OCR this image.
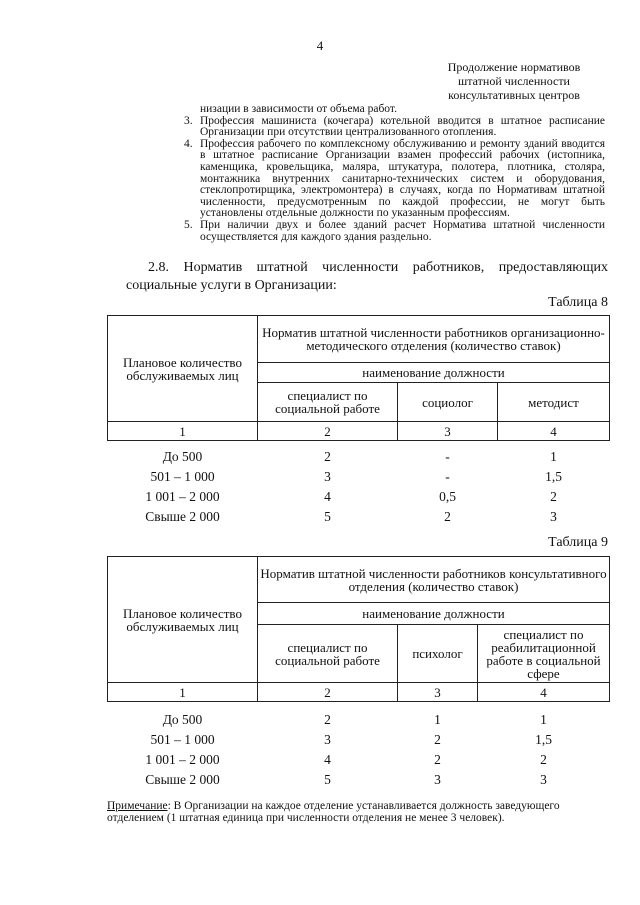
4
Продолжение нормативов
штатной численности
консультативных центров

низации в зависимости от объема работ.

3. Профессия машиниста (кочегара) котельной вводится в штатное расписание Организации при отсутствии централизованного отопления.

4. Профессия рабочего по комплексному обслуживанию и ремонту зданий вводится в штатное расписание Организации взамен профессий рабочих (истопника, каменщика, кровельщика, маляра, штукатура, полотера, плотника, столяра, монтажника внутренних санитарно-технических систем и оборудования, стеклопротирщика, электромонтера) в случаях, когда по Нормативам штатной численности, предусмотренным по каждой профессии, не могут быть установлены отдельные должности по указанным профессиям.

5. При наличии двух и более зданий расчет Норматива штатной численности осуществляется для каждого здания раздельно.

2.8. Норматив штатной численности работников, предоставляющих социальные услуги в Организации:
Таблица 8
Плановое количество обслуживаемых лиц	Норматив штатной численности работников организационно-методического отделения (количество ставок)		
	наименование должности		
	специалист по социальной работе	социолог	методист
1	2	3	4

До 500	2	-	1
501 – 1 000	3	-	1,5
1 001 – 2 000	4	0,5	2
Свыше 2 000	5	2	3
Таблица 9
Плановое количество обслуживаемых лиц	Норматив штатной численности работников консультативного отделения (количество ставок)		
	наименование должности		
	специалист по социальной работе	психолог	специалист по реабилитационной работе в социальной сфере
1	2	3	4

До 500	2	1	1
501 – 1 000	3	2	1,5
1 001 – 2 000	4	2	2
Свыше 2 000	5	3	3
Примечание: В Организации на каждое отделение устанавливается должность заведующего отделением (1 штатная единица при численности отделения не менее 3 человек).
